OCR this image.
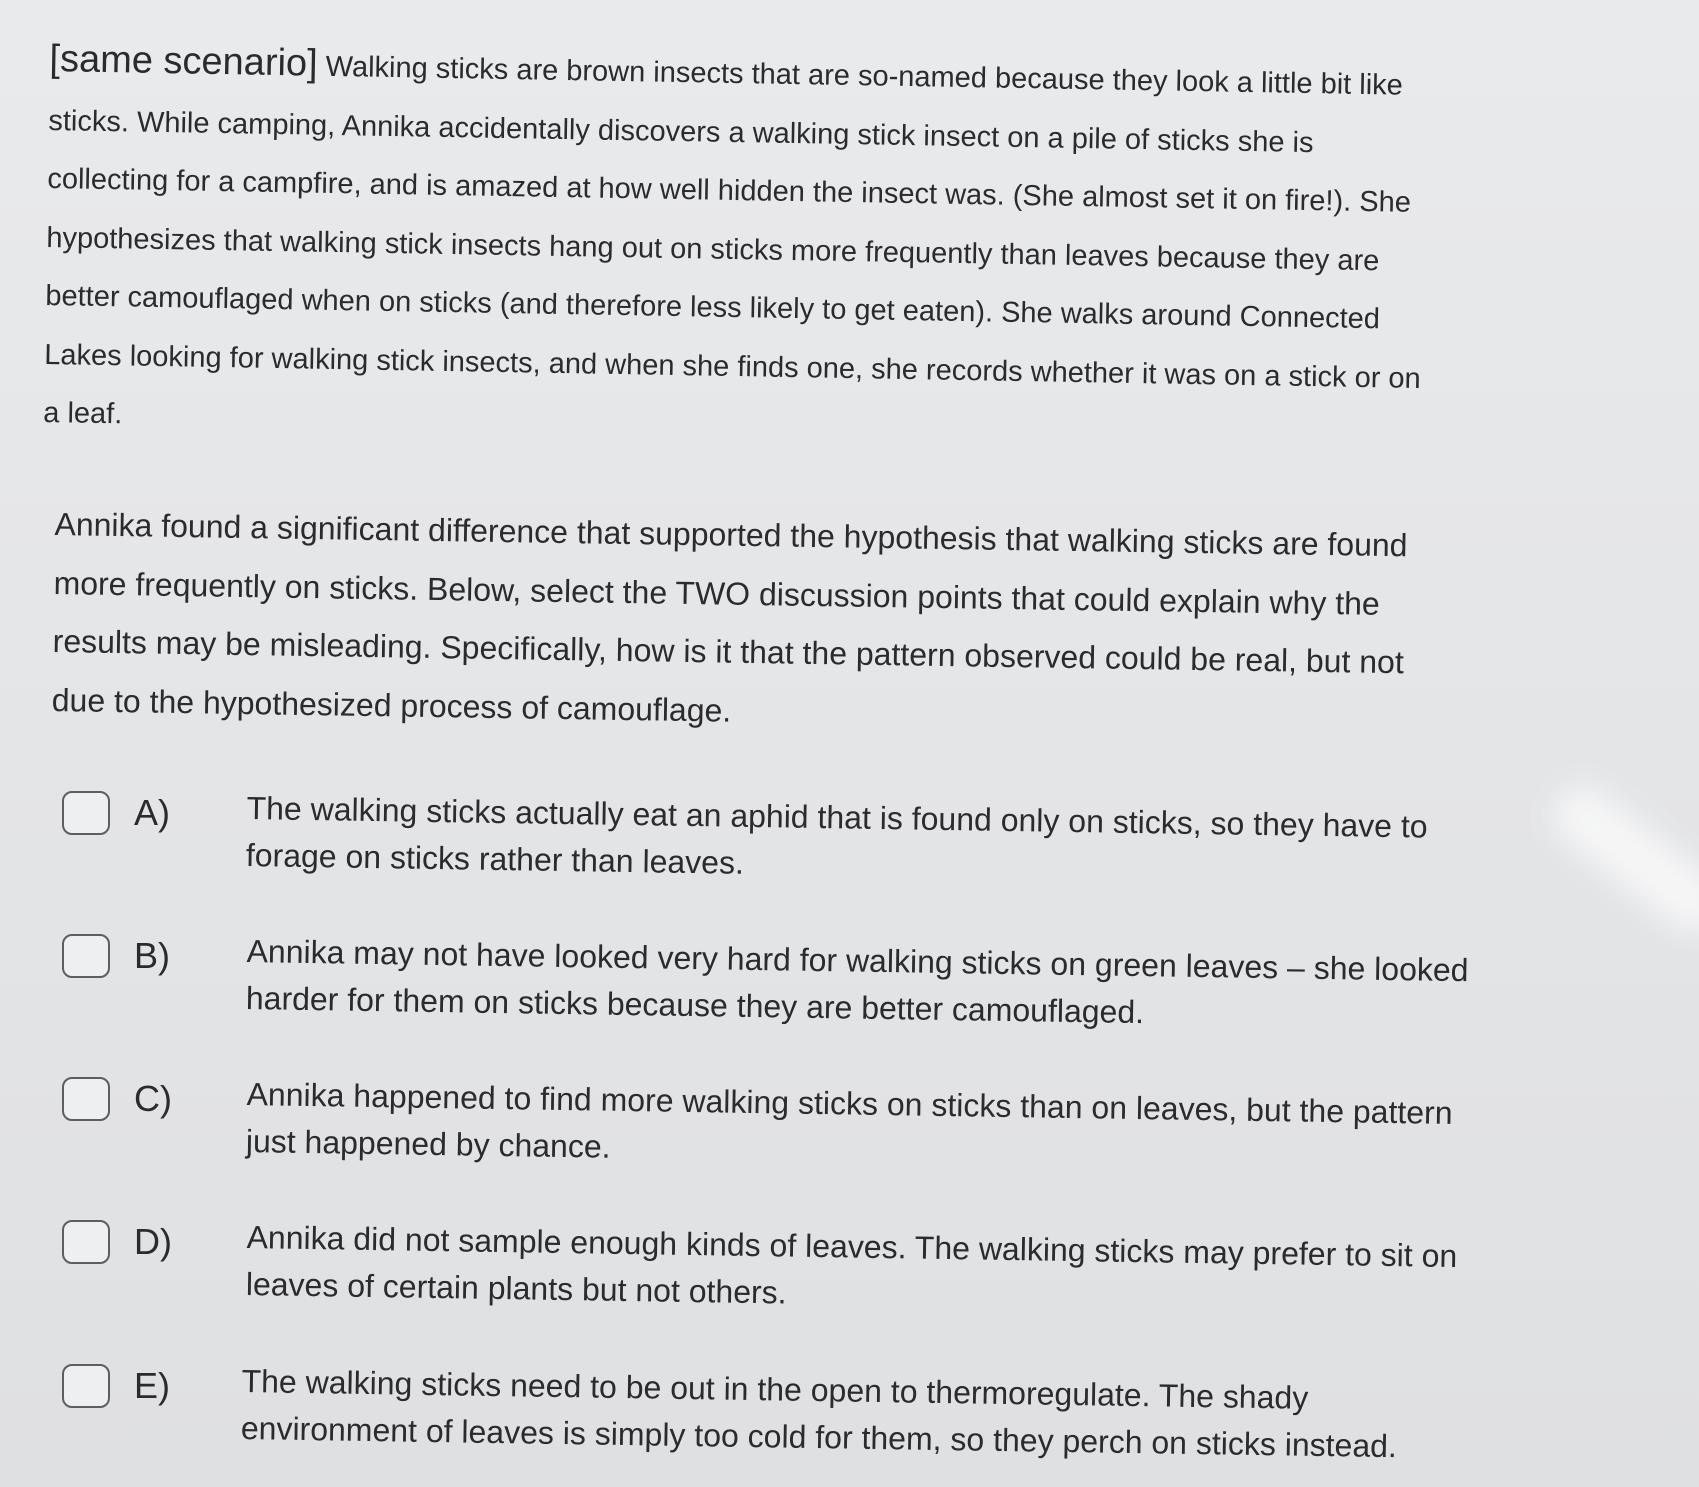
[same scenario] Walking sticks are brown insects that are so-named because they look a little bit like
sticks. While camping, Annika accidentally discovers a walking stick insect on a pile of sticks she is
collecting for a campfire, and is amazed at how well hidden the insect was. (She almost set it on fire!). She
hypothesizes that walking stick insects hang out on sticks more frequently than leaves because they are
better camouflaged when on sticks (and therefore less likely to get eaten). She walks around Connected
Lakes looking for walking stick insects, and when she finds one, she records whether it was on a stick or on
a leaf.
Annika found a significant difference that supported the hypothesis that walking sticks are found
more frequently on sticks. Below, select the TWO discussion points that could explain why the
results may be misleading. Specifically, how is it that the pattern observed could be real, but not
due to the hypothesized process of camouflage.
A) The walking sticks actually eat an aphid that is found only on sticks, so they have to
forage on sticks rather than leaves.
B) Annika may not have looked very hard for walking sticks on green leaves – she looked
harder for them on sticks because they are better camouflaged.
C) Annika happened to find more walking sticks on sticks than on leaves, but the pattern
just happened by chance.
D) Annika did not sample enough kinds of leaves. The walking sticks may prefer to sit on
leaves of certain plants but not others.
E) The walking sticks need to be out in the open to thermoregulate. The shady
environment of leaves is simply too cold for them, so they perch on sticks instead.
